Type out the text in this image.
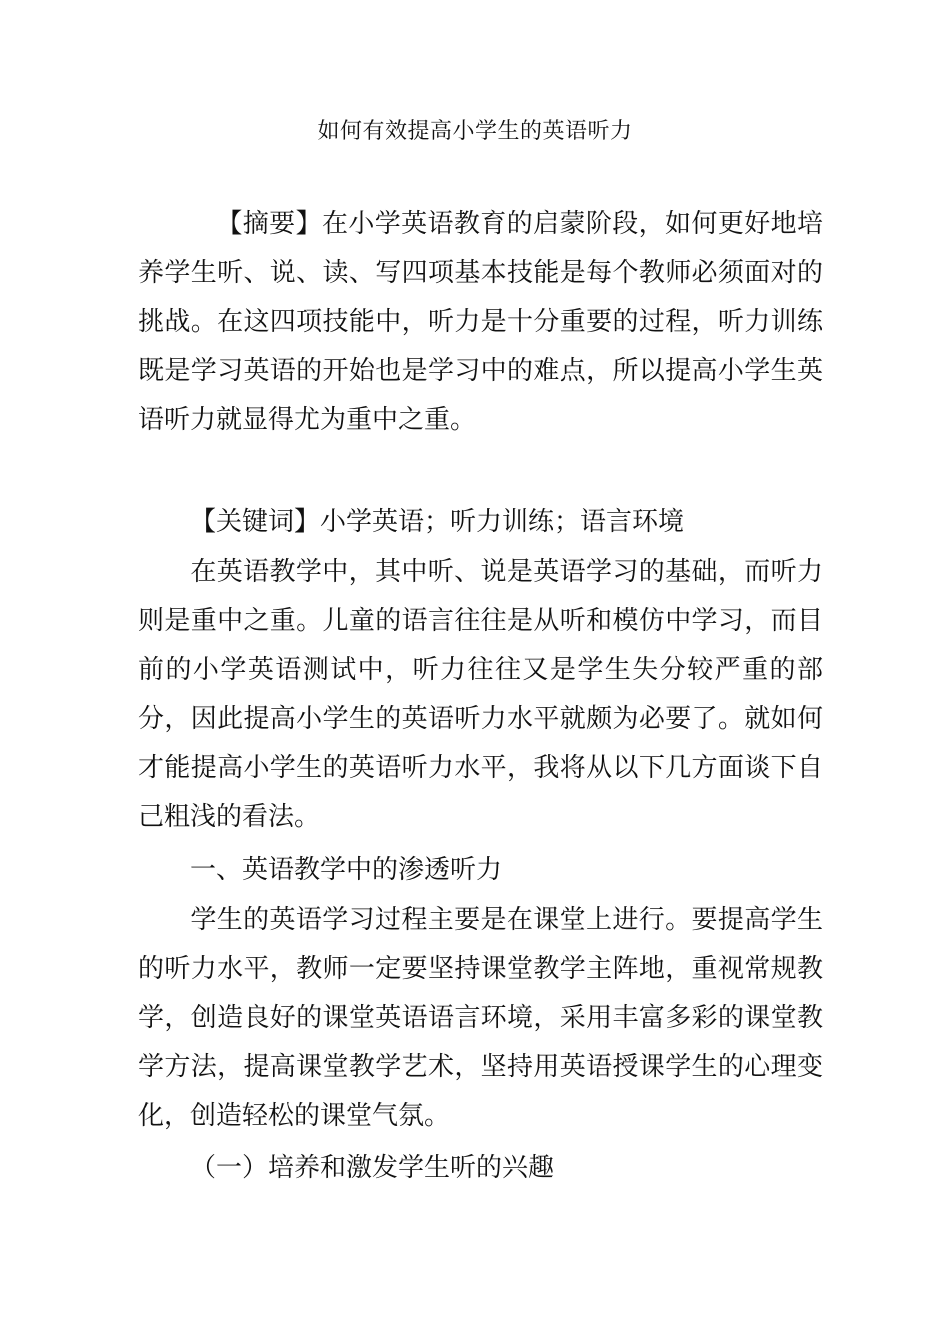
如何有效提高小学生的英语听力

【摘要】在小学英语教育的启蒙阶段，如何更好地培养学生听、说、读、写四项基本技能是每个教师必须面对的挑战。在这四项技能中，听力是十分重要的过程，听力训练既是学习英语的开始也是学习中的难点，所以提高小学生英语听力就显得尤为重中之重。

【关键词】小学英语；听力训练；语言环境

在英语教学中，其中听、说是英语学习的基础，而听力则是重中之重。儿童的语言往往是从听和模仿中学习，而目前的小学英语测试中，听力往往又是学生失分较严重的部分，因此提高小学生的英语听力水平就颇为必要了。就如何才能提高小学生的英语听力水平，我将从以下几方面谈下自己粗浅的看法。

一、英语教学中的渗透听力

学生的英语学习过程主要是在课堂上进行。要提高学生的听力水平，教师一定要坚持课堂教学主阵地，重视常规教学，创造良好的课堂英语语言环境，采用丰富多彩的课堂教学方法，提高课堂教学艺术，坚持用英语授课学生的心理变化，创造轻松的课堂气氛。

（一）培养和激发学生听的兴趣
